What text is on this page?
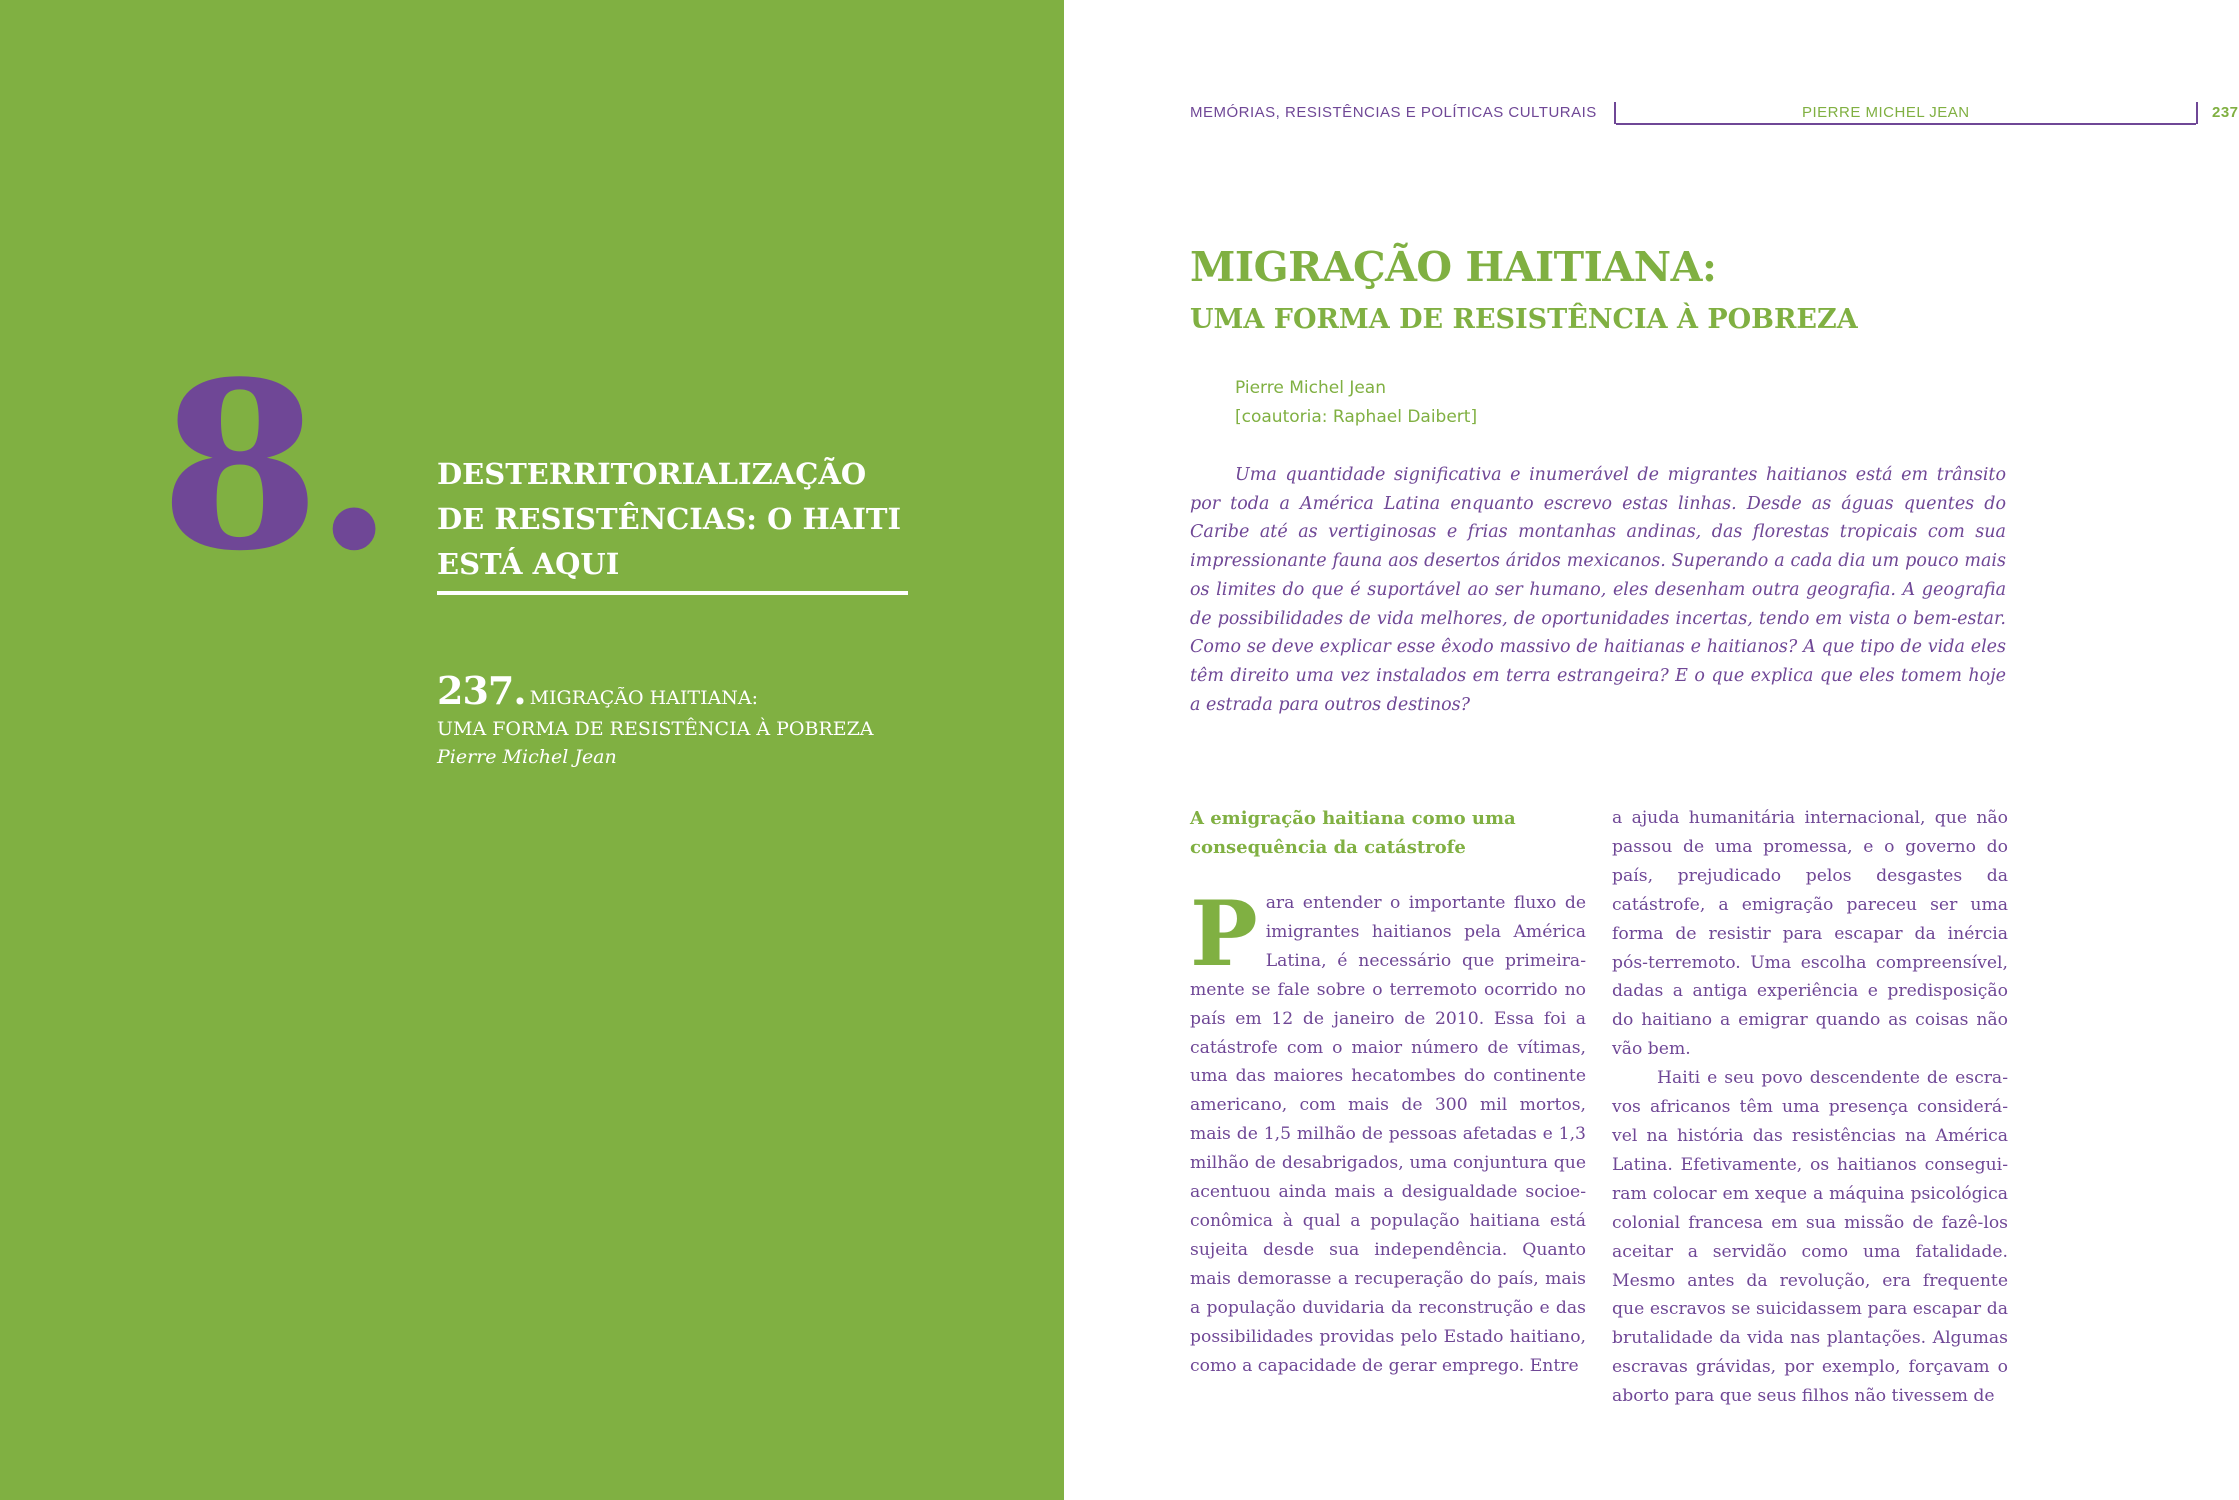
8. DESTERRITORIALIZAÇÃO DE RESISTÊNCIAS: O HAITI ESTÁ AQUI
237. MIGRAÇÃO HAITIANA:
UMA FORMA DE RESISTÊNCIA À POBREZA
Pierre Michel Jean
MEMÓRIAS, RESISTÊNCIAS E POLÍTICAS CULTURAIS	PIERRE MICHEL JEAN	237
MIGRAÇÃO HAITIANA:
UMA FORMA DE RESISTÊNCIA À POBREZA
Pierre Michel Jean
[coautoria: Raphael Daibert]

Uma quantidade significativa e inumerável de migrantes haitianos está em trânsito por toda a América Latina enquanto escrevo estas linhas. Desde as águas quentes do Caribe até as vertiginosas e frias montanhas andinas, das florestas tropicais com sua impressionante fauna aos desertos áridos mexicanos. Superando a cada dia um pouco mais os limites do que é suportável ao ser humano, eles desenham outra geografia. A geografia de possibilidades de vida melhores, de oportunidades incertas, tendo em vista o bem-estar. Como se deve explicar esse êxodo massivo de haitianas e haitianos? A que tipo de vida eles têm direito uma vez instalados em terra estrangeira? E o que explica que eles tomem hoje a estrada para outros destinos?

A emigração haitiana como uma consequência da catástrofe

Para entender o importante fluxo de imigrantes haitianos pela América Latina, é necessário que primeiramente se fale sobre o terremoto ocorrido no país em 12 de janeiro de 2010. Essa foi a catástrofe com o maior número de vítimas, uma das maiores hecatombes do continente americano, com mais de 300 mil mortos, mais de 1,5 milhão de pessoas afetadas e 1,3 milhão de desabrigados, uma conjuntura que acentuou ainda mais a desigualdade socioeconômica à qual a população haitiana está sujeita desde sua independência. Quanto mais demorasse a recuperação do país, mais a população duvidaria da reconstrução e das possibilidades providas pelo Estado haitiano, como a capacidade de gerar emprego. Entre

a ajuda humanitária internacional, que não passou de uma promessa, e o governo do país, prejudicado pelos desgastes da catástrofe, a emigração pareceu ser uma forma de resistir para escapar da inércia pós-terremoto. Uma escolha compreensível, dadas a antiga experiência e predisposição do haitiano a emigrar quando as coisas não vão bem.

Haiti e seu povo descendente de escravos africanos têm uma presença considerável na história das resistências na América Latina. Efetivamente, os haitianos conseguiram colocar em xeque a máquina psicológica colonial francesa em sua missão de fazê-los aceitar a servidão como uma fatalidade. Mesmo antes da revolução, era frequente que escravos se suicidassem para escapar da brutalidade da vida nas plantações. Algumas escravas grávidas, por exemplo, forçavam o aborto para que seus filhos não tivessem de
